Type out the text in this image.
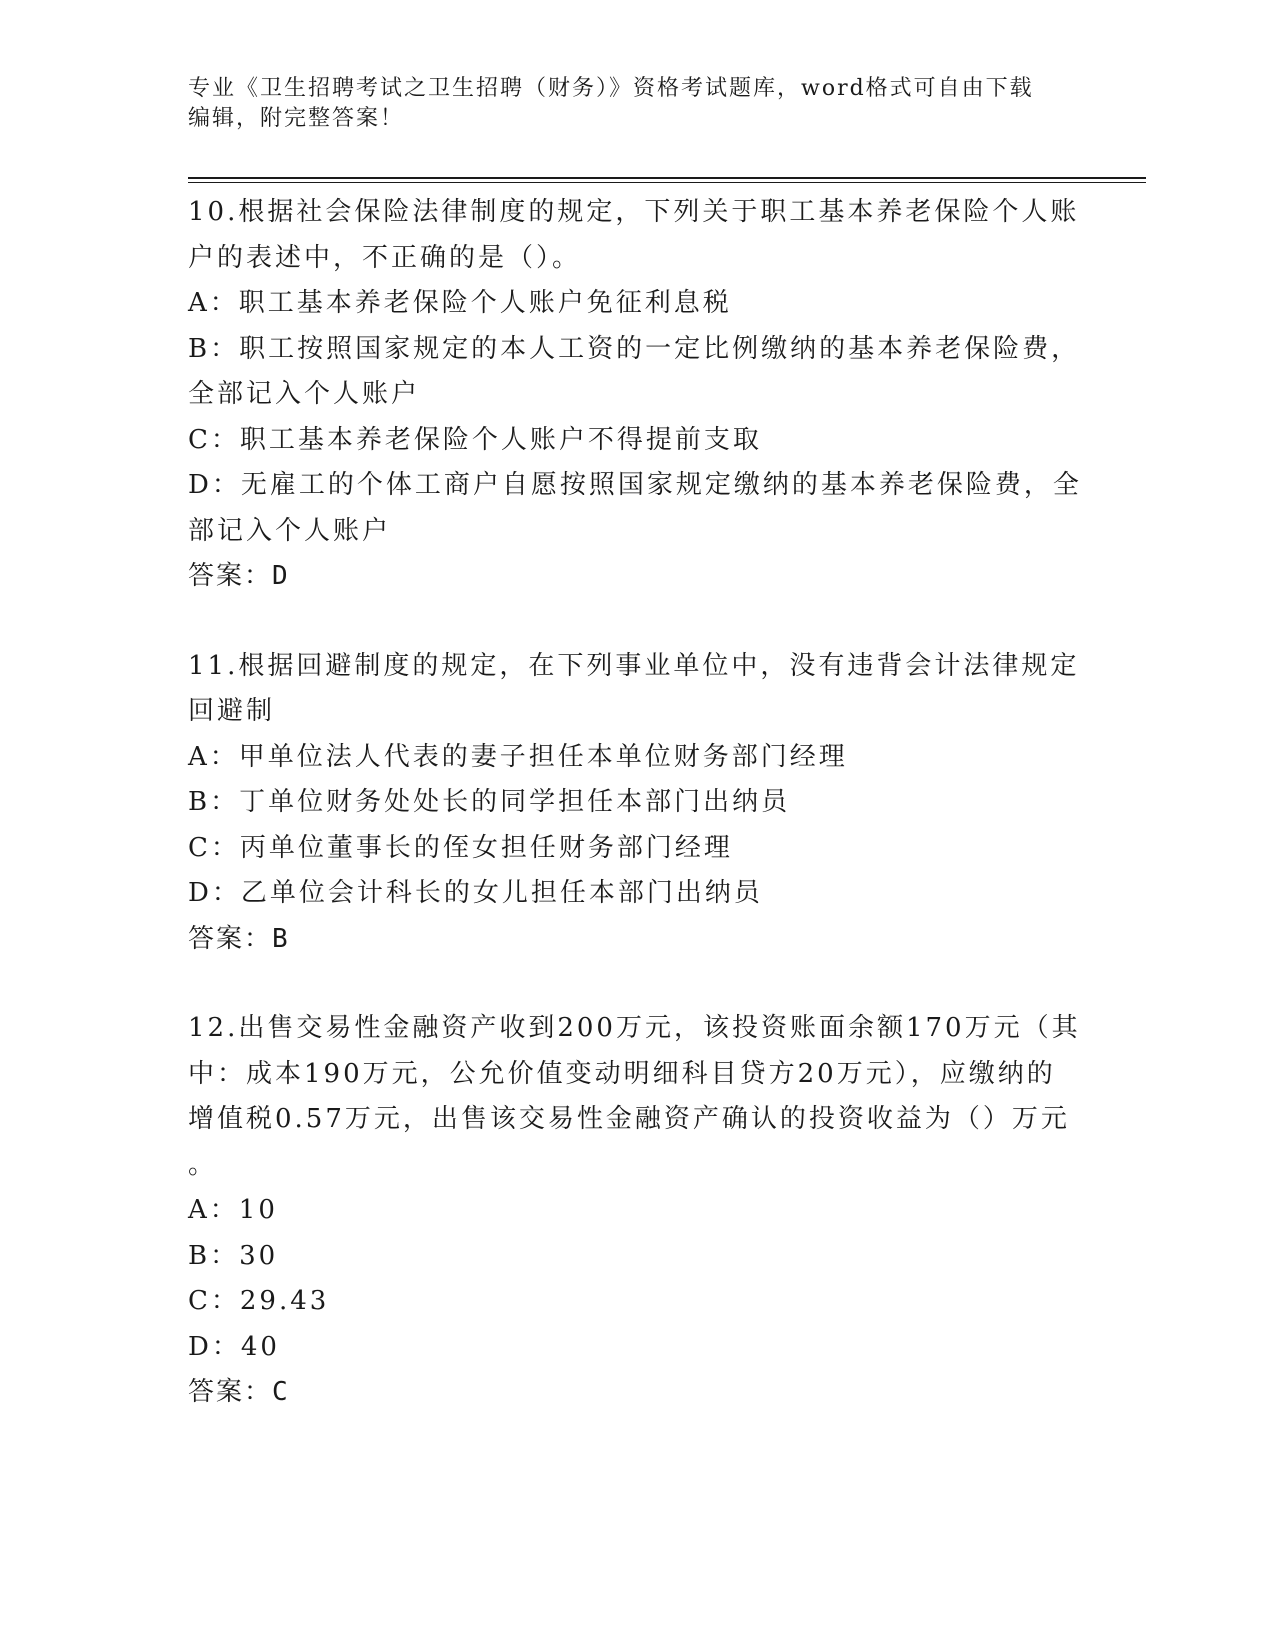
专业《卫生招聘考试之卫生招聘（财务）》资格考试题库，word格式可自由下载
编辑，附完整答案！
10.根据社会保险法律制度的规定，下列关于职工基本养老保险个人账
户的表述中，不正确的是（）。
A：职工基本养老保险个人账户免征利息税
B：职工按照国家规定的本人工资的一定比例缴纳的基本养老保险费，
全部记入个人账户
C：职工基本养老保险个人账户不得提前支取
D：无雇工的个体工商户自愿按照国家规定缴纳的基本养老保险费，全
部记入个人账户
答案：D
11.根据回避制度的规定，在下列事业单位中，没有违背会计法律规定
回避制
A：甲单位法人代表的妻子担任本单位财务部门经理
B：丁单位财务处处长的同学担任本部门出纳员
C：丙单位董事长的侄女担任财务部门经理
D：乙单位会计科长的女儿担任本部门出纳员
答案：B
12.出售交易性金融资产收到200万元，该投资账面余额170万元（其
中：成本190万元，公允价值变动明细科目贷方20万元），应缴纳的
增值税0.57万元，出售该交易性金融资产确认的投资收益为（）万元
。
A：10
B：30
C：29.43
D：40
答案：C
